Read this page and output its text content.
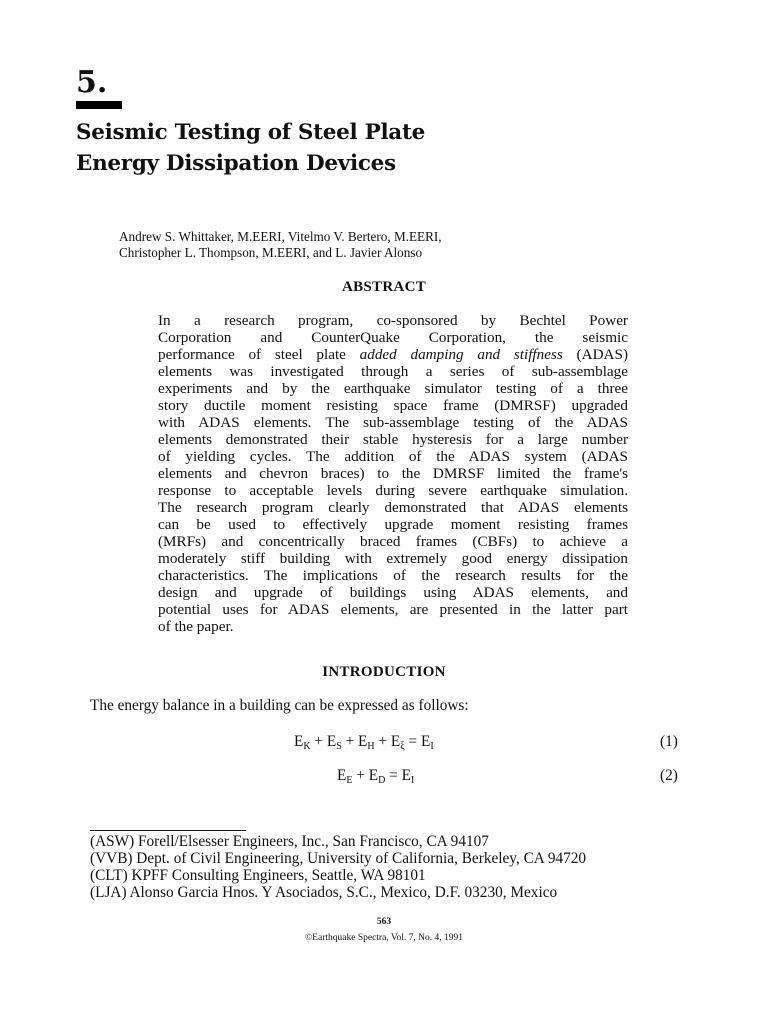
5.
Seismic Testing of Steel Plate
Energy Dissipation Devices
Andrew S. Whittaker, M.EERI, Vitelmo V. Bertero, M.EERI,
Christopher L. Thompson, M.EERI, and L. Javier Alonso
ABSTRACT
In a research program, co-sponsored by Bechtel Power
Corporation and CounterQuake Corporation, the seismic
performance of steel plate added damping and stiffness (ADAS)
elements was investigated through a series of sub-assemblage
experiments and by the earthquake simulator testing of a three
story ductile moment resisting space frame (DMRSF) upgraded
with ADAS elements. The sub-assemblage testing of the ADAS
elements demonstrated their stable hysteresis for a large number
of yielding cycles. The addition of the ADAS system (ADAS
elements and chevron braces) to the DMRSF limited the frame's
response to acceptable levels during severe earthquake simulation.
The research program clearly demonstrated that ADAS elements
can be used to effectively upgrade moment resisting frames
(MRFs) and concentrically braced frames (CBFs) to achieve a
moderately stiff building with extremely good energy dissipation
characteristics. The implications of the research results for the
design and upgrade of buildings using ADAS elements, and
potential uses for ADAS elements, are presented in the latter part
of the paper.
INTRODUCTION
The energy balance in a building can be expressed as follows:
$E_K + E_S + E_H + E_\xi = E_I$	(1)
$E_E + E_D = E_I$	(2)
(ASW) Forell/Elsesser Engineers, Inc., San Francisco, CA 94107
(VVB) Dept. of Civil Engineering, University of California, Berkeley, CA 94720
(CLT) KPFF Consulting Engineers, Seattle, WA 98101
(LJA) Alonso Garcia Hnos. Y Asociados, S.C., Mexico, D.F. 03230, Mexico
563
©Earthquake Spectra, Vol. 7, No. 4, 1991
